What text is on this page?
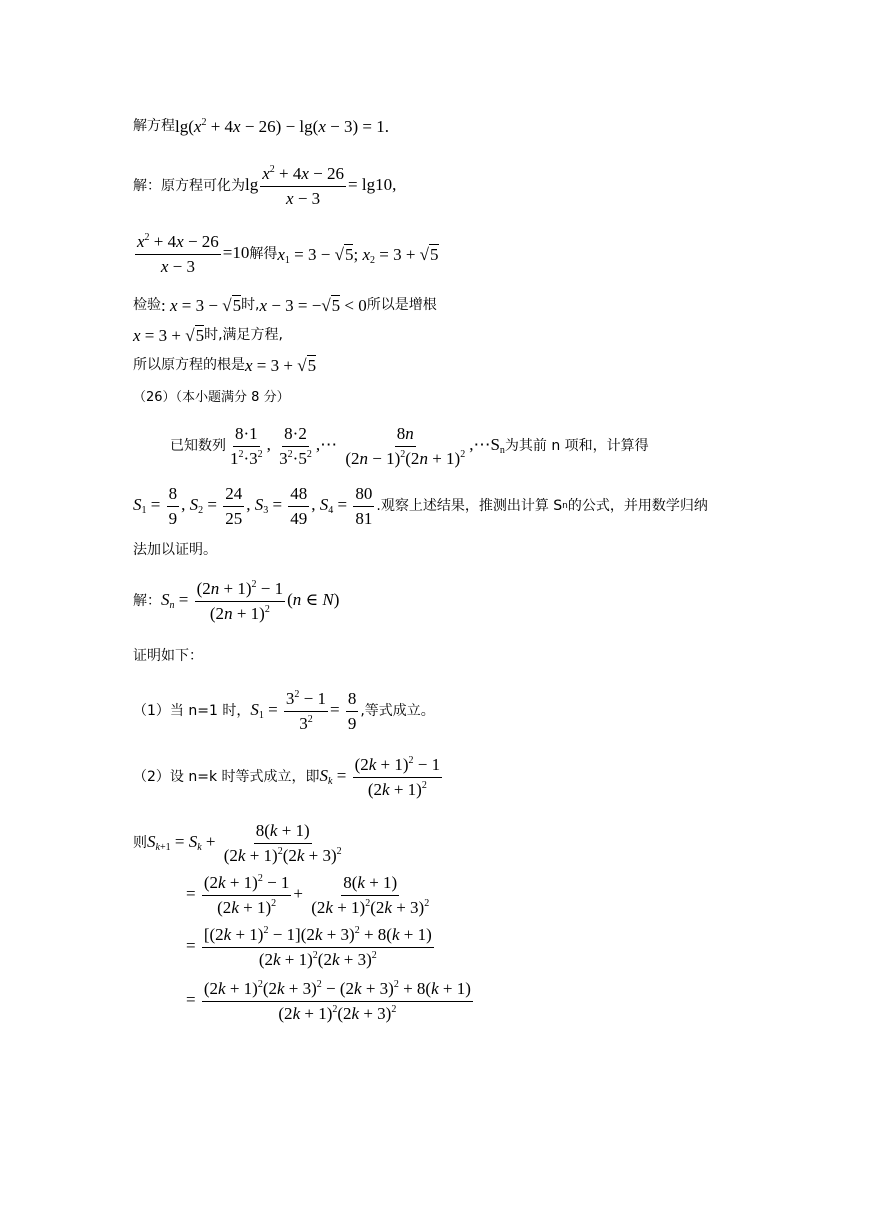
解方程 $\lg(x^2 + 4x - 26) - \lg(x - 3) = 1$.
解： 原方程可化为 $\lg \frac{x^2 + 4x - 26}{x - 3} = \lg 10$,
$\frac{x^2 + 4x - 26}{x - 3} =10$ 解得 $x_1 = 3 - √5$; $x_2 = 3 + √5$
检验 : x = 3 − √5 时, x − 3 = −√5 < 0 所以是增根
x = 3 + √5 时,满足方程,
所以原方程的根是 x = 3 + √5
（26）（本小题满分 8 分）
已知数列 $\frac{8\cdot 1}{1^2\cdot 3^2}$ , $\frac{8\cdot 2}{3^2\cdot 5^2}$ ,⋯ $\frac{8n}{(2n - 1)^2(2n + 1)^2}$ $,\cdots S_n$ 为其前 n 项和，计算得
$S_1 = \frac{8}{9}$ , $S_2 = \frac{24}{25}$ , $S_3 = \frac{48}{49}$ , $S_4 = \frac{80}{81}$ .观察上述结果，推测出计算 S n 的公式，并用数学归纳
法加以证明。
解： $S_n = \frac{(2n + 1)^2 - 1}{(2n + 1)^2} (n$ ∈ N)
证明如下：
（1）当 n=1 时， $S_1 = \frac{3^2 - 1}{3^2} = \frac{8}{9}$ ,等式成立。
（2）设 n=k 时等式成立，即 $S_k = \frac{(2k + 1)^2 - 1}{(2k + 1)^2}$
则 $S_{k+1} = S_k + \frac{8(k + 1)}{(2k + 1)^2(2k + 3)^2}$
= $\frac{(2k + 1)^2 - 1}{(2k + 1)^2} + \frac{8(k + 1)}{(2k + 1)^2(2k + 3)^2}$
= $\frac{[(2k + 1)^2 - 1](2k + 3)^2 + 8(k + 1)}{(2k + 1)^2(2k + 3)^2}$
= $\frac{(2k + 1)^2(2k + 3)^2 - (2k + 3)^2 + 8(k + 1)}{(2k + 1)^2(2k + 3)^2}$
